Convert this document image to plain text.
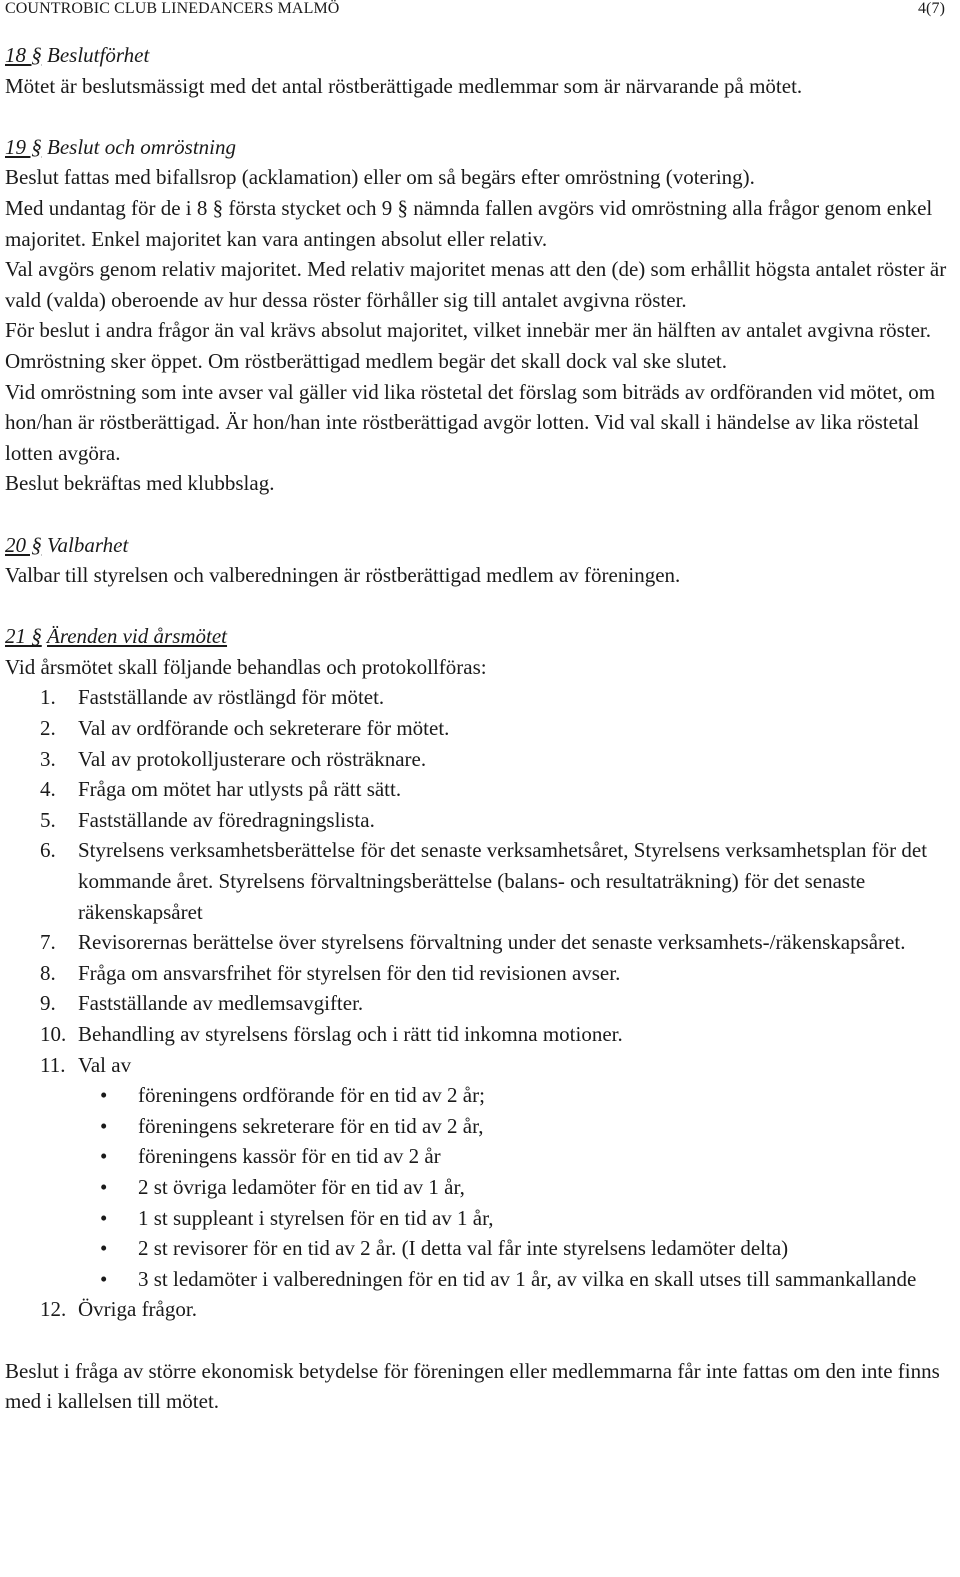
COUNTROBIC CLUB LINEDANCERS MALMÖ	4(7)
18 § Beslutförhet
Mötet är beslutsmässigt med det antal röstberättigade medlemmar som är närvarande på mötet.
19 § Beslut och omröstning
Beslut fattas med bifallsrop (acklamation) eller om så begärs efter omröstning (votering).
Med undantag för de i 8 § första stycket och 9 § nämnda fallen avgörs vid omröstning alla frågor genom enkel majoritet. Enkel majoritet kan vara antingen absolut eller relativ.
Val avgörs genom relativ majoritet. Med relativ majoritet menas att den (de) som erhållit högsta antalet röster är vald (valda) oberoende av hur dessa röster förhåller sig till antalet avgivna röster.
För beslut i andra frågor än val krävs absolut majoritet, vilket innebär mer än hälften av antalet avgivna röster.
Omröstning sker öppet. Om röstberättigad medlem begär det skall dock val ske slutet.
Vid omröstning som inte avser val gäller vid lika röstetal det förslag som biträds av ordföranden vid mötet, om hon/han är röstberättigad. Är hon/han inte röstberättigad avgör lotten. Vid val skall i händelse av lika röstetal lotten avgöra.
Beslut bekräftas med klubbslag.
20 § Valbarhet
Valbar till styrelsen och valberedningen är röstberättigad medlem av föreningen.
21 § Ärenden vid årsmötet
Vid årsmötet skall följande behandlas och protokollföras:
1. Fastställande av röstlängd för mötet.
2. Val av ordförande och sekreterare för mötet.
3. Val av protokolljusterare och rösträknare.
4. Fråga om mötet har utlysts på rätt sätt.
5. Fastställande av föredragningslista.
6. Styrelsens verksamhetsberättelse för det senaste verksamhetsåret, Styrelsens verksamhetsplan för det kommande året. Styrelsens förvaltningsberättelse (balans- och resultaträkning) för det senaste räkenskapsåret
7. Revisorernas berättelse över styrelsens förvaltning under det senaste verksamhets-/räkenskapsåret.
8. Fråga om ansvarsfrihet för styrelsen för den tid revisionen avser.
9. Fastställande av medlemsavgifter.
10. Behandling av styrelsens förslag och i rätt tid inkomna motioner.
11. Val av
• föreningens ordförande för en tid av 2 år;
• föreningens sekreterare för en tid av 2 år,
• föreningens kassör för en tid av 2 år
• 2 st övriga ledamöter för en tid av 1 år,
• 1 st suppleant i styrelsen för en tid av 1 år,
• 2 st revisorer för en tid av 2 år. (I detta val får inte styrelsens ledamöter delta)
• 3 st ledamöter i valberedningen för en tid av 1 år, av vilka en skall utses till sammankallande
12. Övriga frågor.
Beslut i fråga av större ekonomisk betydelse för föreningen eller medlemmarna får inte fattas om den inte finns med i kallelsen till mötet.
